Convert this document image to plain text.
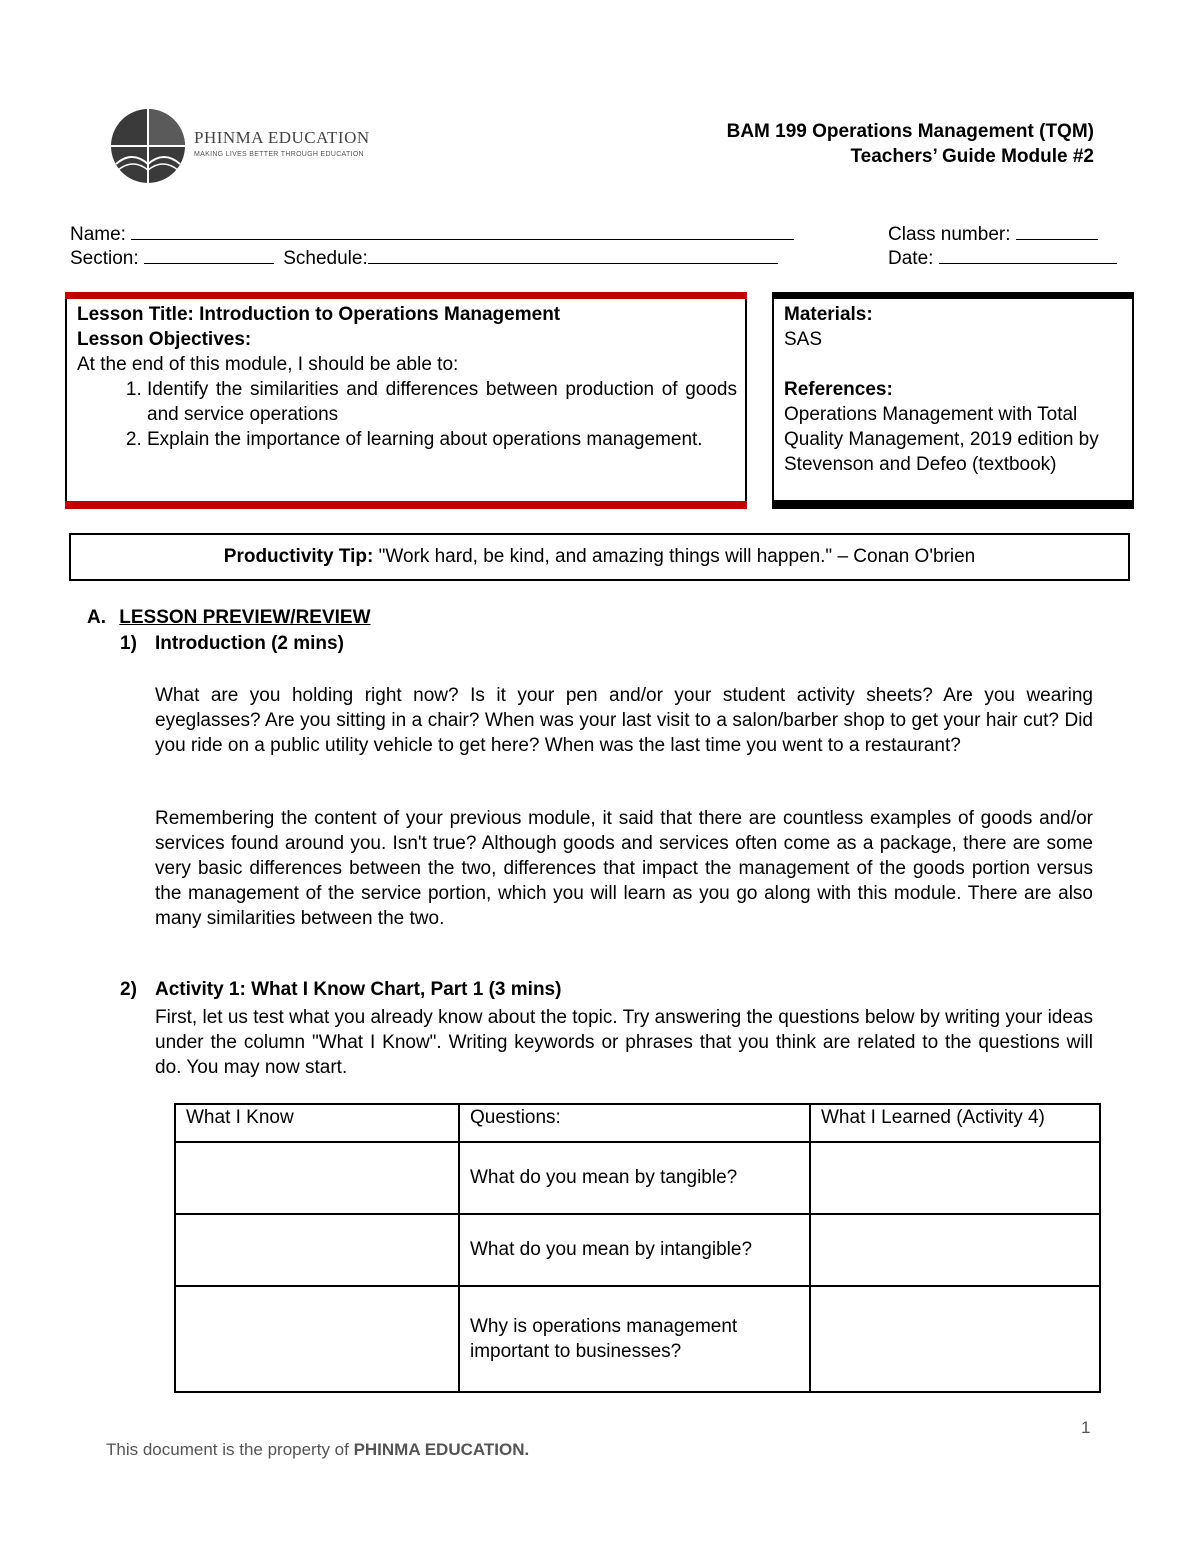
PHINMA EDUCATION
MAKING LIVES BETTER THROUGH EDUCATION
BAM 199 Operations Management (TQM)
Teachers’ Guide Module #2
Name:	Class number:
Section:	Schedule:	Date:
Lesson Title: Introduction to Operations Management
Lesson Objectives:
At the end of this module, I should be able to:
1. Identify the similarities and differences between production of goods and service operations
2. Explain the importance of learning about operations management.
Materials:
SAS
References:
Operations Management with Total Quality Management, 2019 edition by Stevenson and Defeo (textbook)
Productivity Tip: "Work hard, be kind, and amazing things will happen." – Conan O'brien
A. LESSON PREVIEW/REVIEW
1) Introduction (2 mins)
What are you holding right now? Is it your pen and/or your student activity sheets? Are you wearing eyeglasses? Are you sitting in a chair? When was your last visit to a salon/barber shop to get your hair cut? Did you ride on a public utility vehicle to get here? When was the last time you went to a restaurant?
Remembering the content of your previous module, it said that there are countless examples of goods and/or services found around you. Isn't true? Although goods and services often come as a package, there are some very basic differences between the two, differences that impact the management of the goods portion versus the management of the service portion, which you will learn as you go along with this module. There are also many similarities between the two.
2) Activity 1: What I Know Chart, Part 1 (3 mins)
First, let us test what you already know about the topic. Try answering the questions below by writing your ideas under the column "What I Know". Writing keywords or phrases that you think are related to the questions will do. You may now start.
What I Know	Questions:	What I Learned (Activity 4)
	What do you mean by tangible?	
	What do you mean by intangible?	
	Why is operations management important to businesses?	
1
This document is the property of PHINMA EDUCATION.
